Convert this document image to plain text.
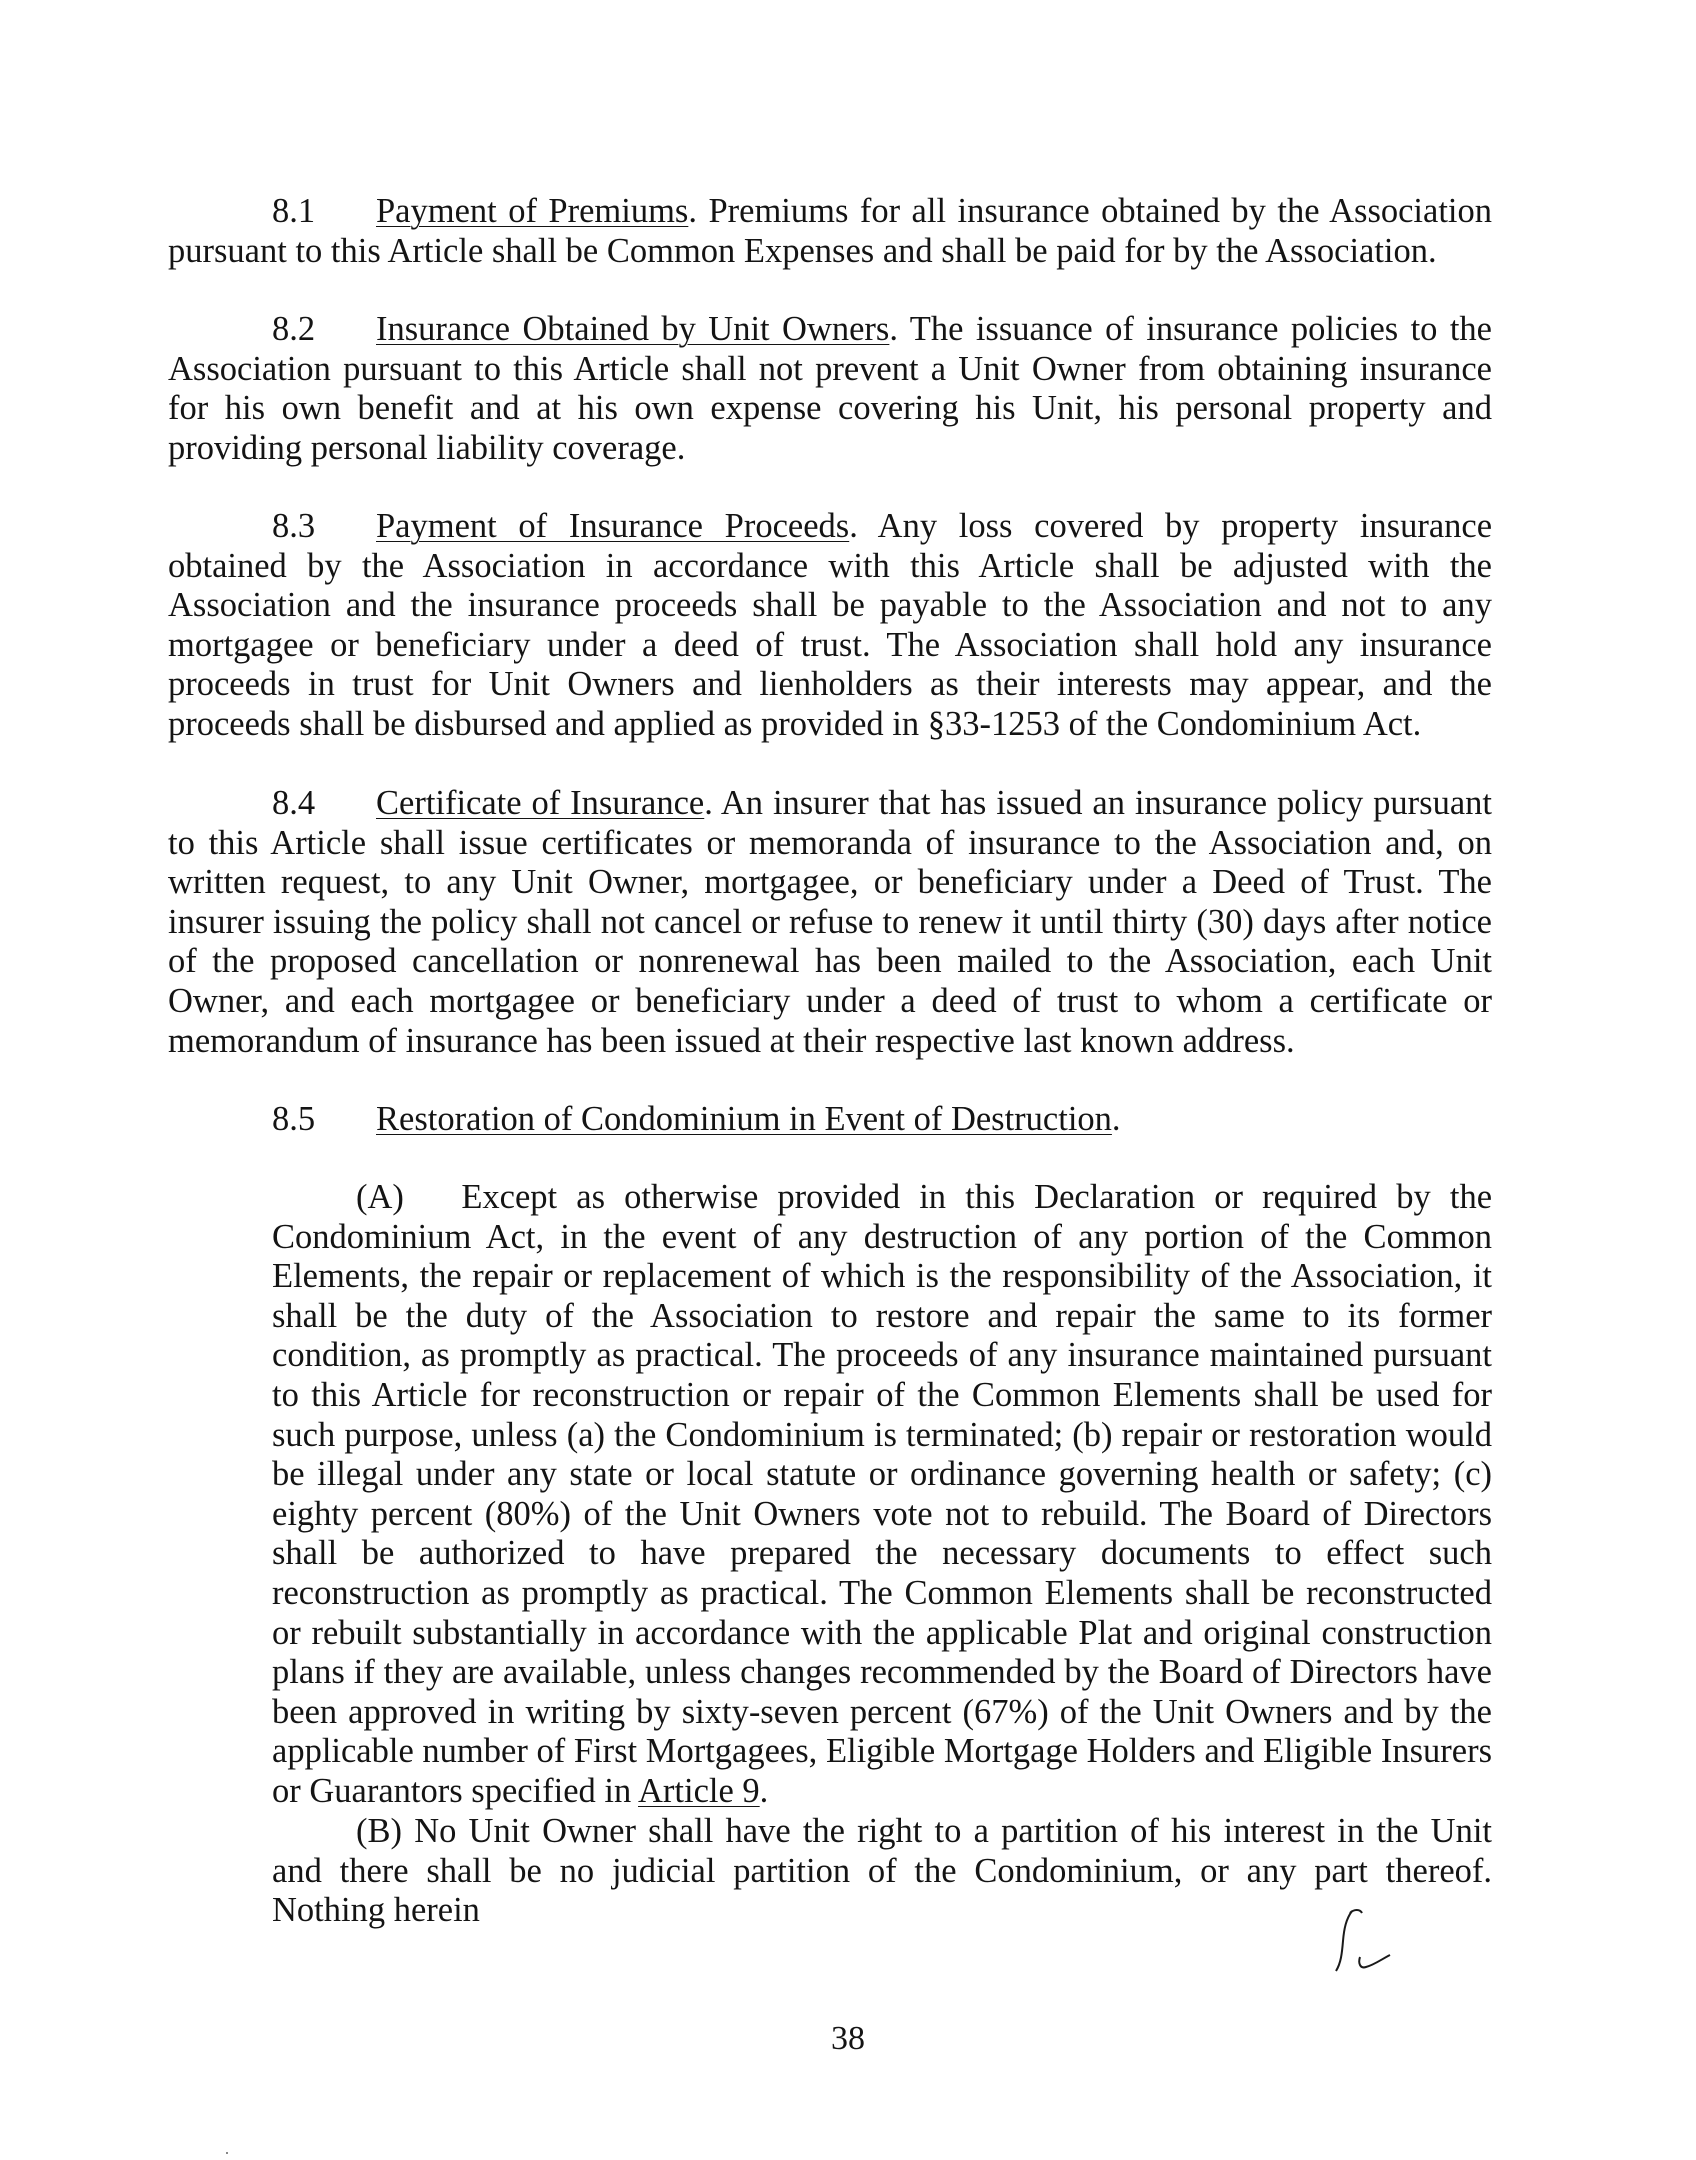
8.1 Payment of Premiums. Premiums for all insurance obtained by the Association pursuant to this Article shall be Common Expenses and shall be paid for by the Association.
8.2 Insurance Obtained by Unit Owners. The issuance of insurance policies to the Association pursuant to this Article shall not prevent a Unit Owner from obtaining insurance for his own benefit and at his own expense covering his Unit, his personal property and providing personal liability coverage.
8.3 Payment of Insurance Proceeds. Any loss covered by property insurance obtained by the Association in accordance with this Article shall be adjusted with the Association and the insurance proceeds shall be payable to the Association and not to any mortgagee or beneficiary under a deed of trust. The Association shall hold any insurance proceeds in trust for Unit Owners and lienholders as their interests may appear, and the proceeds shall be disbursed and applied as provided in §33-1253 of the Condominium Act.
8.4 Certificate of Insurance. An insurer that has issued an insurance policy pursuant to this Article shall issue certificates or memoranda of insurance to the Association and, on written request, to any Unit Owner, mortgagee, or beneficiary under a Deed of Trust. The insurer issuing the policy shall not cancel or refuse to renew it until thirty (30) days after notice of the proposed cancellation or nonrenewal has been mailed to the Association, each Unit Owner, and each mortgagee or beneficiary under a deed of trust to whom a certificate or memorandum of insurance has been issued at their respective last known address.
8.5 Restoration of Condominium in Event of Destruction.
(A) Except as otherwise provided in this Declaration or required by the Condominium Act, in the event of any destruction of any portion of the Common Elements, the repair or replacement of which is the responsibility of the Association, it shall be the duty of the Association to restore and repair the same to its former condition, as promptly as practical. The proceeds of any insurance maintained pursuant to this Article for reconstruction or repair of the Common Elements shall be used for such purpose, unless (a) the Condominium is terminated; (b) repair or restoration would be illegal under any state or local statute or ordinance governing health or safety; (c) eighty percent (80%) of the Unit Owners vote not to rebuild. The Board of Directors shall be authorized to have prepared the necessary documents to effect such reconstruction as promptly as practical. The Common Elements shall be reconstructed or rebuilt substantially in accordance with the applicable Plat and original construction plans if they are available, unless changes recommended by the Board of Directors have been approved in writing by sixty-seven percent (67%) of the Unit Owners and by the applicable number of First Mortgagees, Eligible Mortgage Holders and Eligible Insurers or Guarantors specified in Article 9.
(B) No Unit Owner shall have the right to a partition of his interest in the Unit and there shall be no judicial partition of the Condominium, or any part thereof. Nothing herein
38
